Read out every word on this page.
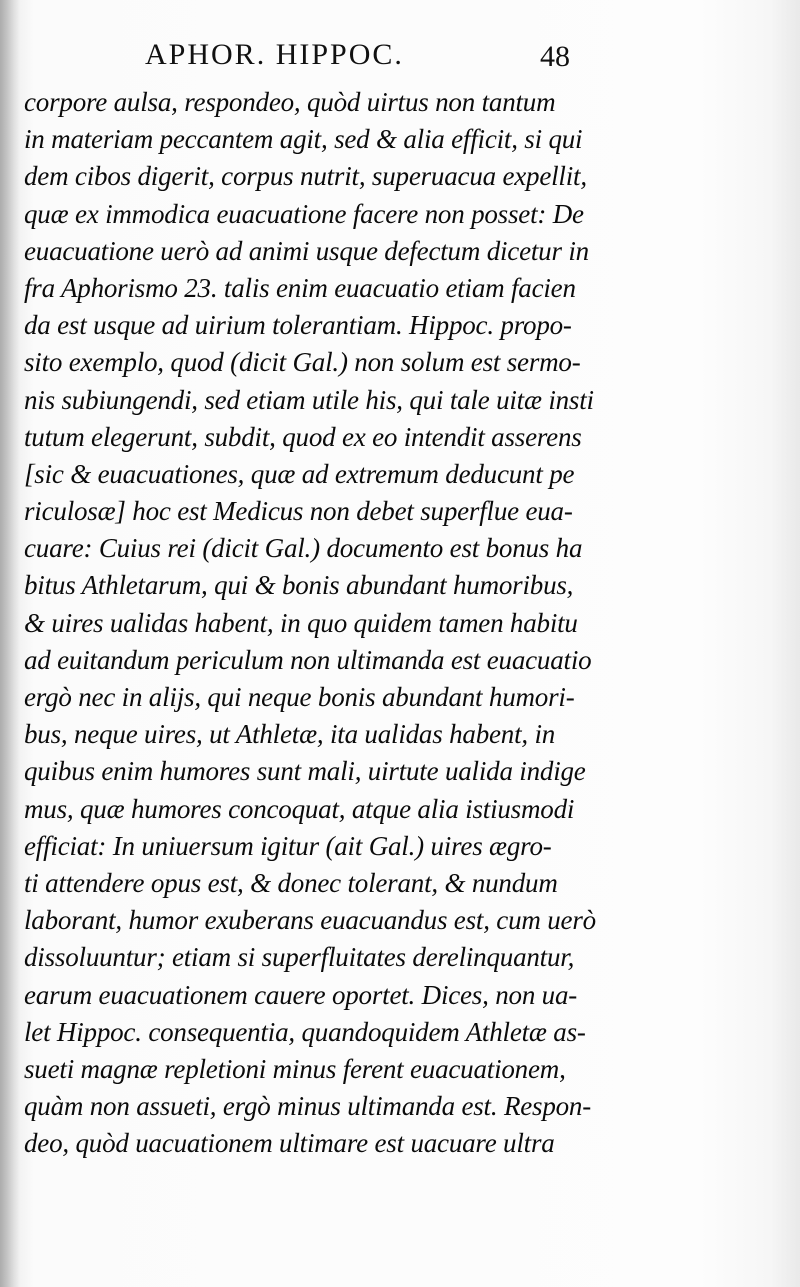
APHOR. HIPPOC.	48
corpore aulsa, respondeo, quòd uirtus non tantum
in materiam peccantem agit, sed & alia efficit, si qui
dem cibos digerit, corpus nutrit, superuacua expellit,
quæ ex immodica euacuatione facere non posset: De
euacuatione uerò ad animi usque defectum dicetur in
fra Aphorismo 23. talis enim euacuatio etiam facien
da est usque ad uirium tolerantiam. Hippoc. propo-
sito exemplo, quod (dicit Gal.) non solum est sermo-
nis subiungendi, sed etiam utile his, qui tale uitæ insti
tutum elegerunt, subdit, quod ex eo intendit asserens
[sic & euacuationes, quæ ad extremum deducunt pe
riculosæ] hoc est Medicus non debet superflue eua-
cuare: Cuius rei (dicit Gal.) documento est bonus ha
bitus Athletarum, qui & bonis abundant humoribus,
& uires ualidas habent, in quo quidem tamen habitu
ad euitandum periculum non ultimanda est euacuatio
ergò nec in alijs, qui neque bonis abundant humori-
bus, neque uires, ut Athletæ, ita ualidas habent, in
quibus enim humores sunt mali, uirtute ualida indige
mus, quæ humores concoquat, atque alia istiusmodi
efficiat: In uniuersum igitur (ait Gal.) uires ægro-
ti attendere opus est, & donec tolerant, & nundum
laborant, humor exuberans euacuandus est, cum uerò
dissoluuntur; etiam si superfluitates derelinquantur,
earum euacuationem cauere oportet. Dices, non ua-
let Hippoc. consequentia, quandoquidem Athletæ as-
sueti magnæ repletioni minus ferent euacuationem,
quàm non assueti, ergò minus ultimanda est. Respon-
deo, quòd uacuationem ultimare est uacuare ultra
